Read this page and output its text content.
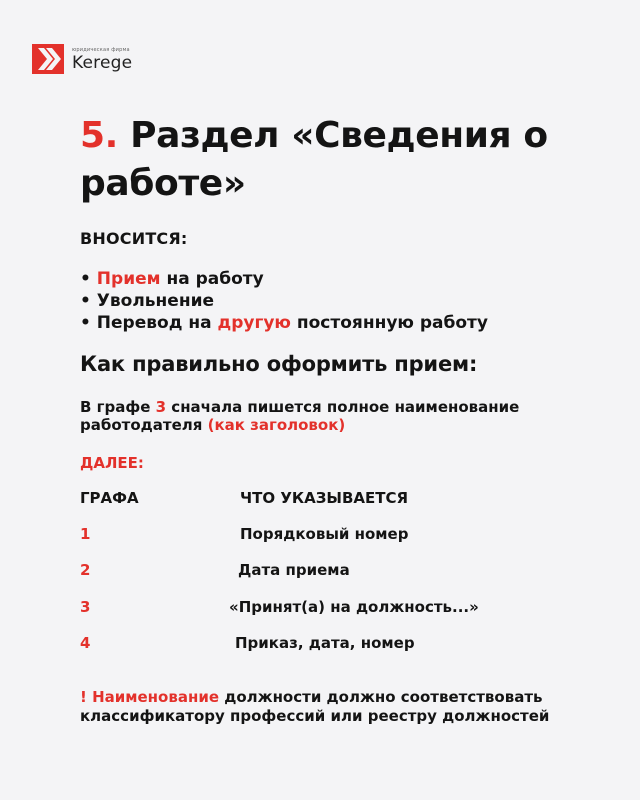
юридическая фирма
Kerege
5. Раздел «Сведения о работе»
ВНОСИТСЯ:
• Прием на работу
• Увольнение
• Перевод на другую постоянную работу
Как правильно оформить прием:
В графе 3 сначала пишется полное наименование работодателя (как заголовок)
ДАЛЕЕ:
ГРАФА	ЧТО УКАЗЫВАЕТСЯ
1	Порядковый номер
2	Дата приема
3	«Принят(а) на должность...»
4	Приказ, дата, номер
! Наименование должности должно соответствовать классификатору профессий или реестру должностей
